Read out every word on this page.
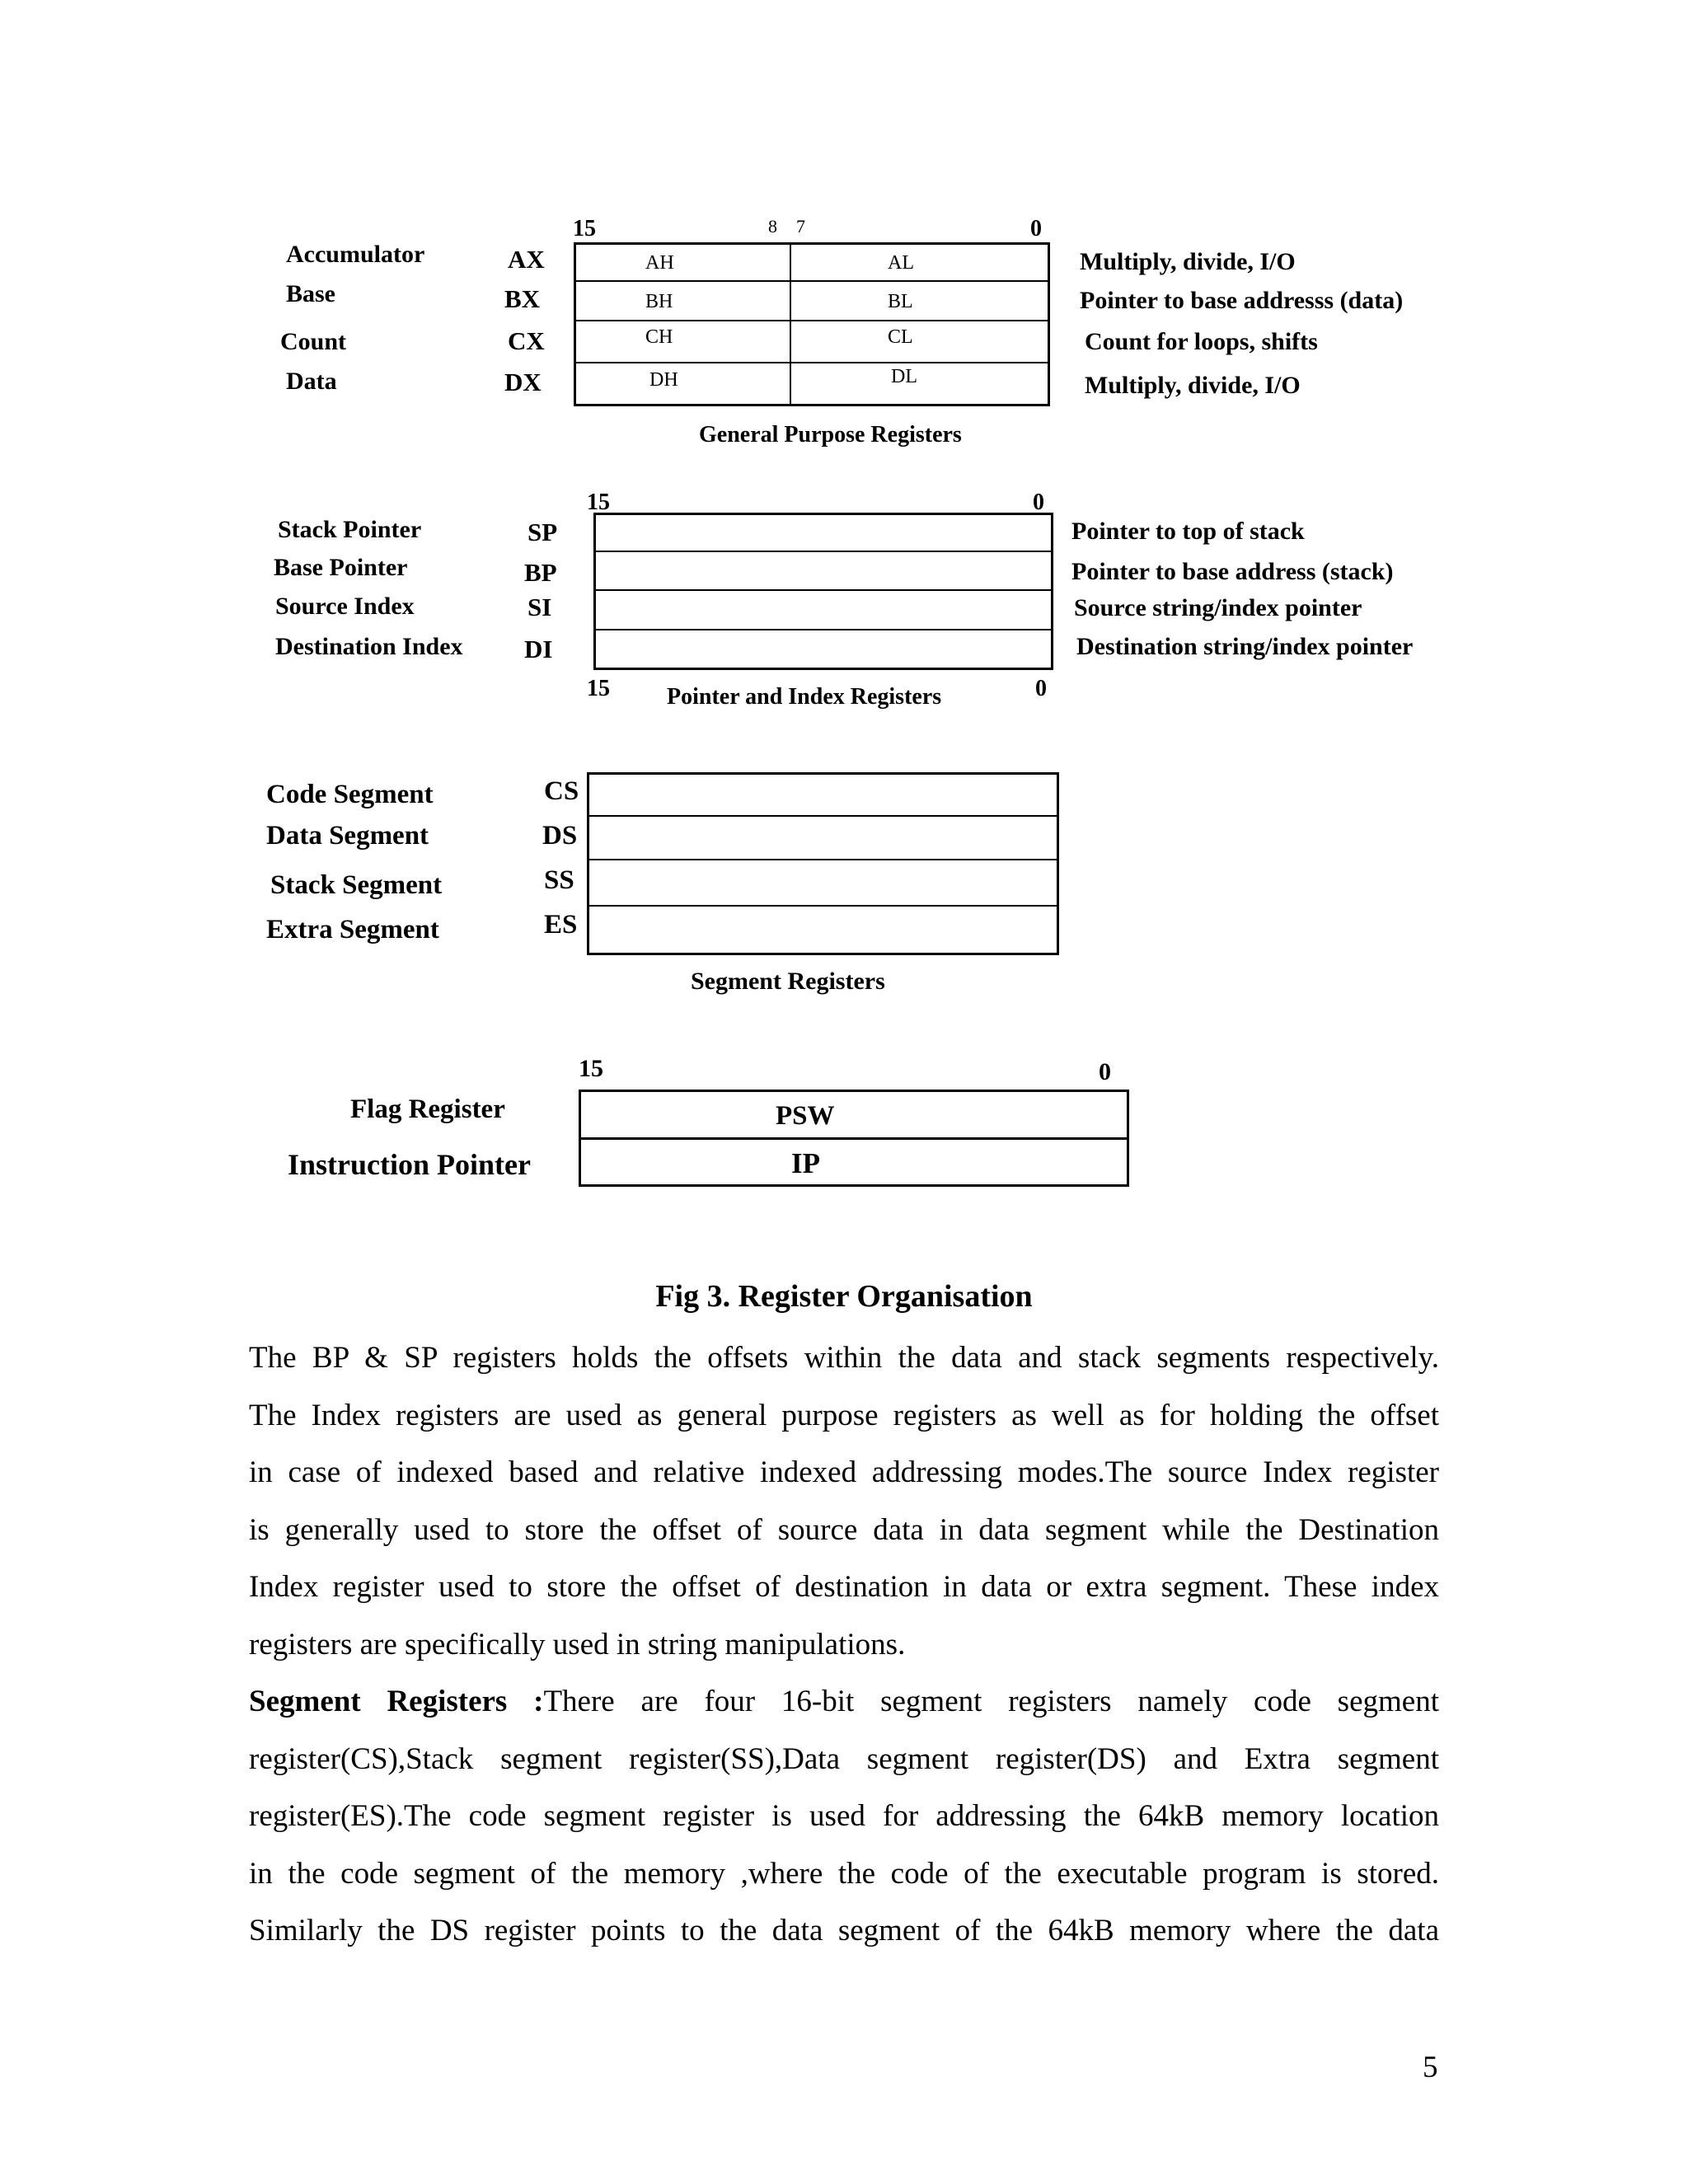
15	8 7	0
Accumulator	AX	AH	AL	Multiply, divide, I/O
Base	BX	BH	BL	Pointer to base addresss (data)
Count	CX	CH	CL	Count for loops, shifts
Data	DX	DH	DL	Multiply, divide, I/O
General Purpose Registers
15	0
Stack Pointer	SP	Pointer to top of stack
Base Pointer	BP	Pointer to base address (stack)
Source Index	SI	Source string/index pointer
Destination Index DI	Destination string/index pointer
15 Pointer and Index Registers	0
Code Segment	CS
Data Segment	DS
Stack Segment	SS
Extra Segment	ES
Segment Registers
15	0
Flag Register	PSW
Instruction Pointer	IP
Fig 3. Register Organisation
The BP & SP registers holds the offsets within the data and stack segments respectively.
The Index registers are used as general purpose registers as well as for holding the offset
in case of indexed based and relative indexed addressing modes.The source Index register
is generally used to store the offset of source data in data segment while the Destination
Index register used to store the offset of destination in data or extra segment. These index
registers are specifically used in string manipulations.
Segment Registers :There are four 16-bit segment registers namely code segment
register(CS),Stack segment register(SS),Data segment register(DS) and Extra segment
register(ES).The code segment register is used for addressing the 64kB memory location
in the code segment of the memory ,where the code of the executable program is stored.
Similarly the DS register points to the data segment of the 64kB memory where the data
5
